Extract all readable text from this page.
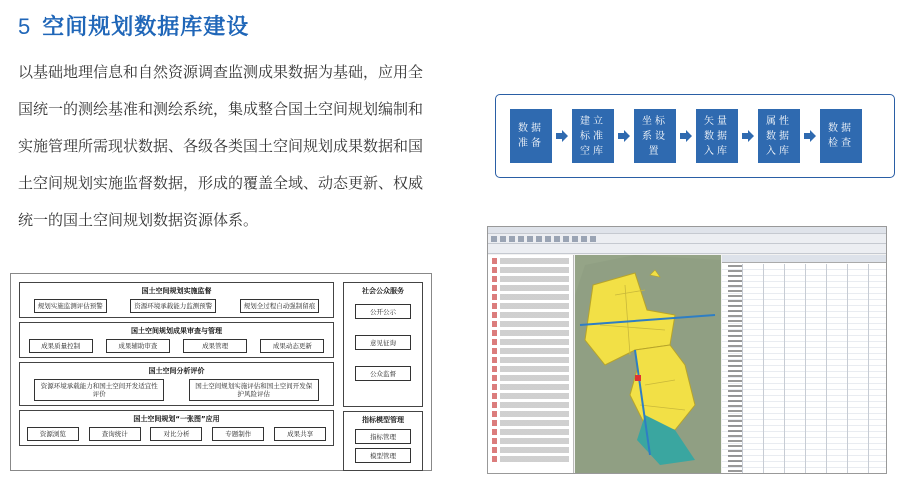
5 空间规划数据库建设

以基础地理信息和自然资源调查监测成果数据为基础，应用全

国统一的测绘基准和测绘系统，集成整合国土空间规划编制和

实施管理所需现状数据、各级各类国土空间规划成果数据和国

土空间规划实施监督数据，形成的覆盖全域、动态更新、权威

统一的国土空间规划数据资源体系。

数据准备
建立标准空库
坐标系设置
矢量数据入库
属性数据入库
数据检查
国土空间规划实施监督
规划实施监测评估预警	资源环境承载能力监测预警	规划全过程自动强制留痕
国土空间规划成果审查与管理
成果质量控制	成果辅助审查	成果管理	成果动态更新
国土空间分析评价
资源环境承载能力和国土空间开发适宜性评价
国土空间规划实施评估和国土空间开发保护风险评估
国土空间规划“一张图”应用
资源浏览	查询统计	对比分析	专题制作	成果共享
社会公众服务
公开公示
意见征询
公众监督
指标模型管理
指标管理
模型管理
